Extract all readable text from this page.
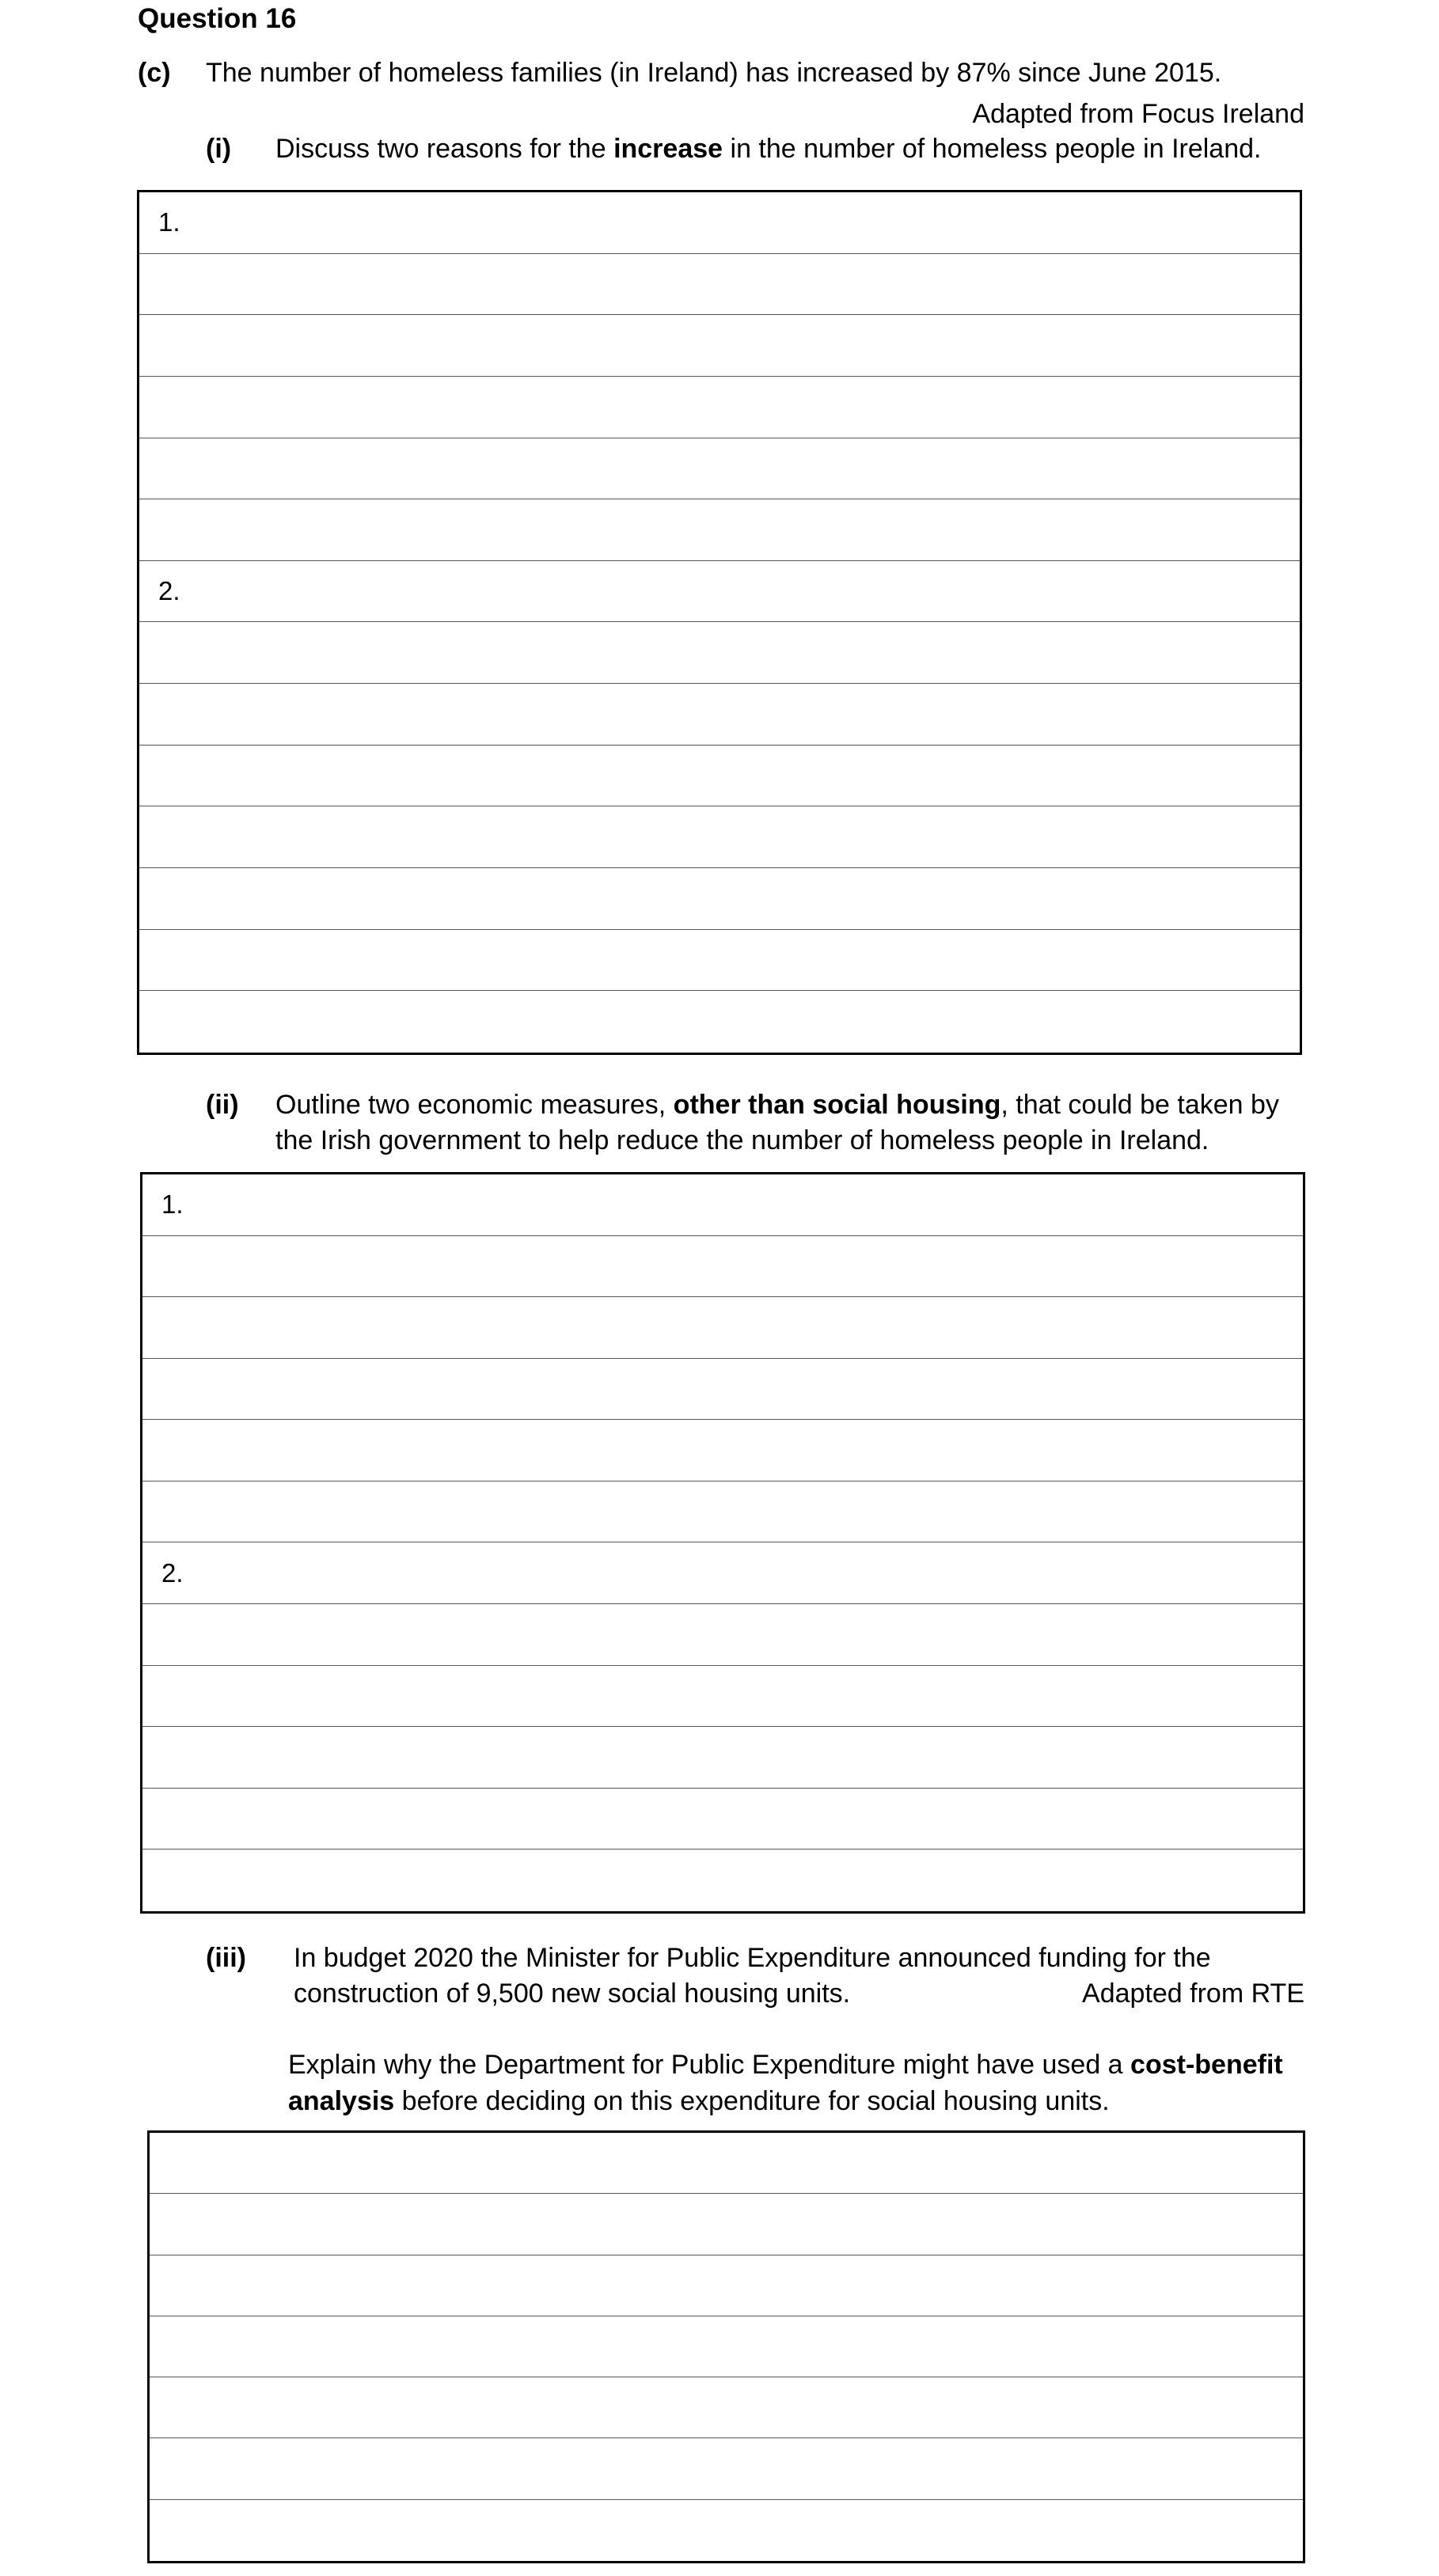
Question 16
(c) The number of homeless families (in Ireland) has increased by 87% since June 2015.
Adapted from Focus Ireland
(i) Discuss two reasons for the increase in the number of homeless people in Ireland.
1.
2.
(ii) Outline two economic measures, other than social housing, that could be taken by the Irish government to help reduce the number of homeless people in Ireland.
1.
2.
(iii) In budget 2020 the Minister for Public Expenditure announced funding for the construction of 9,500 new social housing units.	Adapted from RTE
Explain why the Department for Public Expenditure might have used a cost-benefit analysis before deciding on this expenditure for social housing units.
